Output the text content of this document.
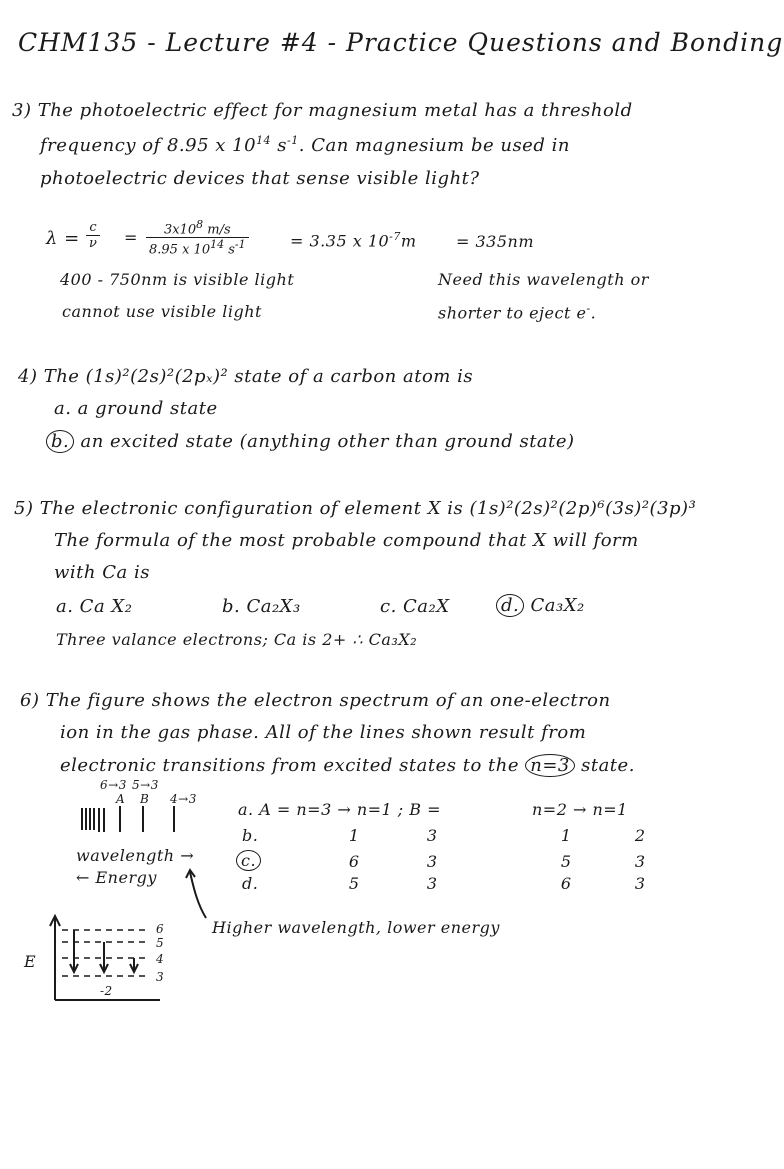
CHM135 - Lecture #4 - Practice Questions and Bonding
3) The photoelectric effect for magnesium metal has a threshold
frequency of 8.95 x $10^{14}$ $s^{-1}$. Can magnesium be used in
photoelectric devices that sense visible light?
$\lambda = \frac{c}{\nu} = \frac{3x10^8 m/s}{8.95 x 10^{14} s^{-1}}$	= 3.35 x $10^{-7}m = 335nm$
400 - 750nm is visible light	Need this wavelength or
cannot use visible light	shorter to eject e-.
4) The (1s)²(2s)²(2pₓ)² state of a carbon atom is
a. a ground state
b. an excited state (anything other than ground state)
5) The electronic configuration of element X is (1s)²(2s)²(2p)⁶(3s)²(3p)³
The formula of the most probable compound that X will form
with Ca is
a. Ca X₂	b. Ca₂X₃	c. Ca₂X	d. Ca₃X₂
Three valance electrons; Ca is 2+ ∴ Ca₃X₂
6) The figure shows the electron spectrum of an one-electron
ion in the gas phase. All of the lines shown result from
electronic transitions from excited states to the n=3 state.
6→3 5→3
A B 4→3
wavelength →
← Energy
a. A = n=3 → n=1 ; B =	n=2 → n=1
b.	1	3	1	2
c.	6	3	5	3
d.	5	3	6	3
Higher wavelength, lower energy
E
6
5
4
3
-2
